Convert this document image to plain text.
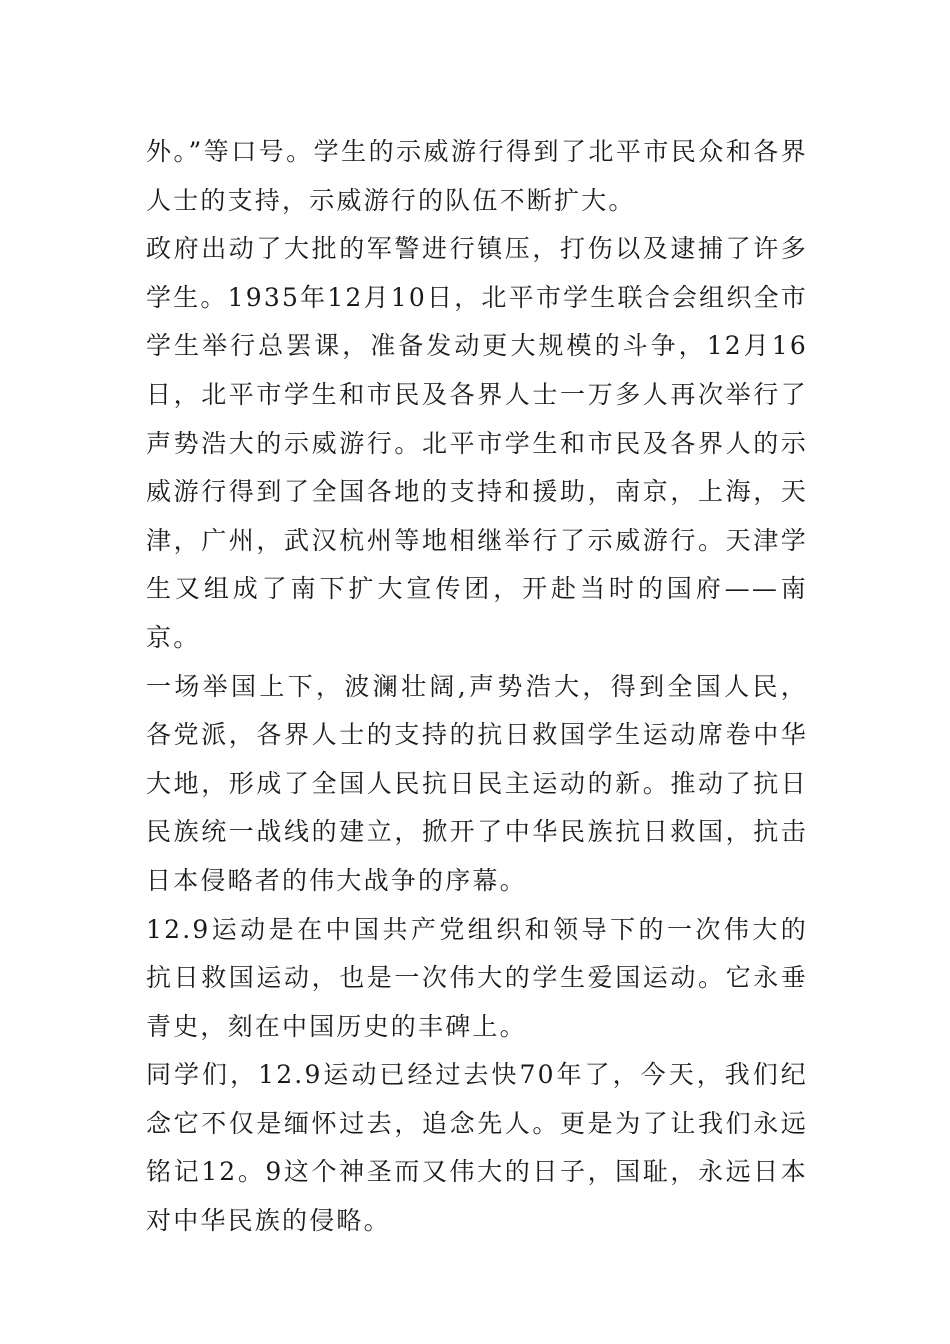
外。”等口号。学生的示威游行得到了北平市民众和各界人士的支持，示威游行的队伍不断扩大。

政府出动了大批的军警进行镇压，打伤以及逮捕了许多学生。1935年12月10日，北平市学生联合会组织全市学生举行总罢课，准备发动更大规模的斗争，12月16日，北平市学生和市民及各界人士一万多人再次举行了声势浩大的示威游行。北平市学生和市民及各界人的示威游行得到了全国各地的支持和援助，南京，上海，天津，广州，武汉杭州等地相继举行了示威游行。天津学生又组成了南下扩大宣传团，开赴当时的国府——南京。

一场举国上下，波澜壮阔,声势浩大，得到全国人民，各党派，各界人士的支持的抗日救国学生运动席卷中华大地，形成了全国人民抗日民主运动的新。推动了抗日民族统一战线的建立，掀开了中华民族抗日救国，抗击日本侵略者的伟大战争的序幕。

12.9运动是在中国共产党组织和领导下的一次伟大的抗日救国运动，也是一次伟大的学生爱国运动。它永垂青史，刻在中国历史的丰碑上。

同学们，12.9运动已经过去快70年了，今天，我们纪念它不仅是缅怀过去，追念先人。更是为了让我们永远铭记12。9这个神圣而又伟大的日子，国耻，永远日本对中华民族的侵略。
